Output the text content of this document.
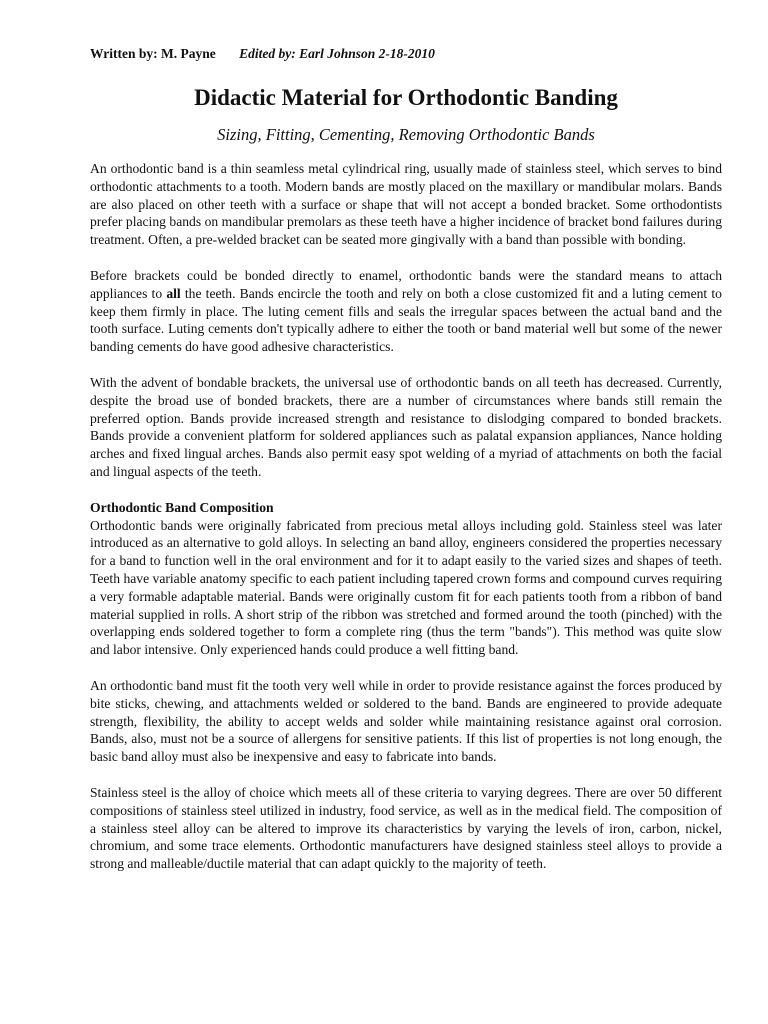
Written by: M. Payne Edited by: Earl Johnson 2-18-2010
Didactic Material for Orthodontic Banding
Sizing, Fitting, Cementing, Removing Orthodontic Bands

An orthodontic band is a thin seamless metal cylindrical ring, usually made of stainless steel, which serves to bind orthodontic attachments to a tooth. Modern bands are mostly placed on the maxillary or mandibular molars. Bands are also placed on other teeth with a surface or shape that will not accept a bonded bracket. Some orthodontists prefer placing bands on mandibular premolars as these teeth have a higher incidence of bracket bond failures during treatment. Often, a pre-welded bracket can be seated more gingivally with a band than possible with bonding.

Before brackets could be bonded directly to enamel, orthodontic bands were the standard means to attach appliances to all the teeth. Bands encircle the tooth and rely on both a close customized fit and a luting cement to keep them firmly in place. The luting cement fills and seals the irregular spaces between the actual band and the tooth surface. Luting cements don't typically adhere to either the tooth or band material well but some of the newer banding cements do have good adhesive characteristics.

With the advent of bondable brackets, the universal use of orthodontic bands on all teeth has decreased. Currently, despite the broad use of bonded brackets, there are a number of circumstances where bands still remain the preferred option. Bands provide increased strength and resistance to dislodging compared to bonded brackets. Bands provide a convenient platform for soldered appliances such as palatal expansion appliances, Nance holding arches and fixed lingual arches. Bands also permit easy spot welding of a myriad of attachments on both the facial and lingual aspects of the teeth.

Orthodontic Band Composition

Orthodontic bands were originally fabricated from precious metal alloys including gold. Stainless steel was later introduced as an alternative to gold alloys. In selecting an band alloy, engineers considered the properties necessary for a band to function well in the oral environment and for it to adapt easily to the varied sizes and shapes of teeth. Teeth have variable anatomy specific to each patient including tapered crown forms and compound curves requiring a very formable adaptable material. Bands were originally custom fit for each patients tooth from a ribbon of band material supplied in rolls. A short strip of the ribbon was stretched and formed around the tooth (pinched) with the overlapping ends soldered together to form a complete ring (thus the term "bands"). This method was quite slow and labor intensive. Only experienced hands could produce a well fitting band.

An orthodontic band must fit the tooth very well while in order to provide resistance against the forces produced by bite sticks, chewing, and attachments welded or soldered to the band. Bands are engineered to provide adequate strength, flexibility, the ability to accept welds and solder while maintaining resistance against oral corrosion. Bands, also, must not be a source of allergens for sensitive patients. If this list of properties is not long enough, the basic band alloy must also be inexpensive and easy to fabricate into bands.

Stainless steel is the alloy of choice which meets all of these criteria to varying degrees. There are over 50 different compositions of stainless steel utilized in industry, food service, as well as in the medical field. The composition of a stainless steel alloy can be altered to improve its characteristics by varying the levels of iron, carbon, nickel, chromium, and some trace elements. Orthodontic manufacturers have designed stainless steel alloys to provide a strong and malleable/ductile material that can adapt quickly to the majority of teeth.
